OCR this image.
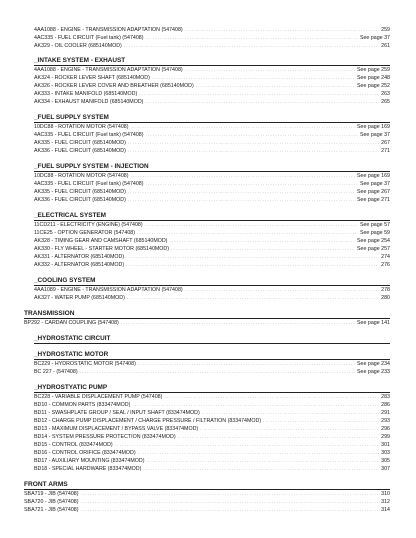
4AA1088 - ENGINE - TRANSMISSION ADAPTATION (547408) .....	259
4AC335 - FUEL CIRCUIT (Fuel tank) (547408) .....	See page 37
AK329 - OIL COOLER (685140MOD) .....	261
_INTAKE SYSTEM - EXHAUST
4AA1088 - ENGINE - TRANSMISSION ADAPTATION (547408) .....	See page 259
AK324 - ROCKER LEVER SHAFT (685140MOD) .....	See page 248
AK326 - ROCKER LEVER COVER AND BREATHER (685140MOD) .....	See page 252
AK333 - INTAKE MANIFOLD (685140MOD) .....	263
AK334 - EXHAUST MANIFOLD (685140MOD) .....	265
_FUEL SUPPLY SYSTEM
10DC88 - ROTATION MOTOR (547408) .....	See page 169
4AC335 - FUEL CIRCUIT (Fuel tank) (547408) .....	See page 37
AK335 - FUEL CIRCUIT (685140MOD) .....	267
AK336 - FUEL CIRCUIT (685140MOD) .....	271
_FUEL SUPPLY SYSTEM - INJECTION
10DC88 - ROTATION MOTOR (547408) .....	See page 169
4AC335 - FUEL CIRCUIT (Fuel tank) (547408) .....	See page 37
AK335 - FUEL CIRCUIT (685140MOD) .....	See page 267
AK336 - FUEL CIRCUIT (685140MOD) .....	See page 271
_ELECTRICAL SYSTEM
11CD211 - ELECTRICITY (ENGINE) (547408) .....	See page 57
11CE25 - OPTION GENERATOR (547408) .....	See page 59
AK328 - TIMING GEAR AND CAMSHAFT (685140MOD) .....	See page 254
AK330 - FLY WHEEL - STARTER MOTOR (685140MOD) .....	See page 257
AK331 - ALTERNATOR (685140MOD) .....	274
AK332 - ALTERNATOR (685140MOD) .....	276
_COOLING SYSTEM
4AA1089 - ENGINE - TRANSMISSION ADAPTATION (547408) .....	278
AK327 - WATER PUMP (685140MOD) .....	280
TRANSMISSION
BP292 - CARDAN COUPLING (547408) .....	See page 141
_HYDROSTATIC CIRCUIT
_HYDROSTATIC MOTOR
BC229 - HYDROSTATIC MOTOR (547408) .....	See page 234
BC 227 - (547408) .....	See page 233
_HYDROSTYATIC PUMP
BC228 - VARIABLE DISPLACEMENT PUMP (547408) .....	283
BD10 - COMMON PARTS (833474MOD) .....	286
BD11 - SWASHPLATE GROUP / SEAL / INPUT SHAFT (833474MOD) .....	291
BD12 - CHARGE PUMP DISPLACEMENT / CHARGE PRESSURE / FILTRATION (833474MOD) .....	293
BD13 - MAXIMUM DISPLACEMENT / BYPASS VALVE (833474MOD) .....	296
BD14 - SYSTEM PRESSURE PROTECTION (833474MOD) .....	299
BD15 - CONTROL (833474MOD) .....	301
BD16 - CONTROL ORIFICE (833474MOD) .....	303
BD17 - AUXILIARY MOUNTING (833474MOD) .....	305
BD18 - SPECIAL HARDWARE (833474MOD) .....	307
FRONT ARMS
SBA719 - JIB (547408) .....	310
SBA720 - JIB (547408) .....	312
SBA721 - JIB (547408) .....	314
